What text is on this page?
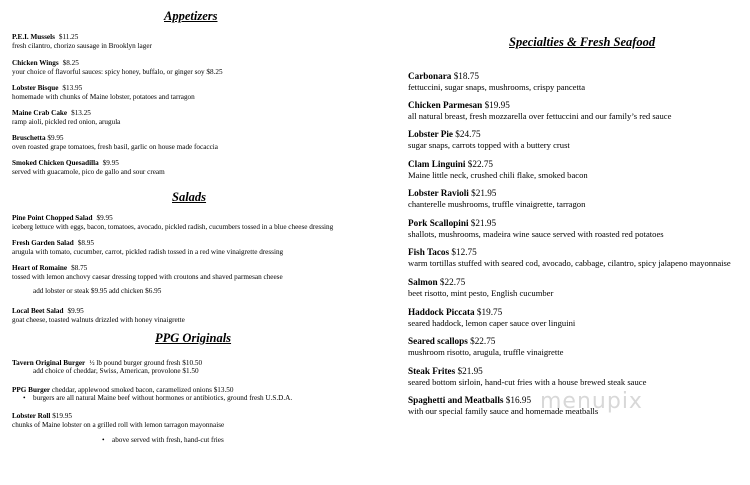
Appetizers
P.E.I. Mussels $11.25
fresh cilantro, chorizo sausage in Brooklyn lager
Chicken Wings $8.25
your choice of flavorful sauces: spicy honey, buffalo, or ginger soy $8.25
Lobster Bisque $13.95
homemade with chunks of Maine lobster, potatoes and tarragon
Maine Crab Cake $13.25
ramp aioli, pickled red onion, arugula
Bruschetta $9.95
oven roasted grape tomatoes, fresh basil, garlic on house made focaccia
Smoked Chicken Quesadilla $9.95
served with guacamole, pico de gallo and sour cream
Salads
Pine Point Chopped Salad $9.95
iceberg lettuce with eggs, bacon, tomatoes, avocado, pickled radish, cucumbers tossed in a blue cheese dressing
Fresh Garden Salad $8.95
arugula with tomato, cucumber, carrot, pickled radish tossed in a red wine vinaigrette dressing
Heart of Romaine $8.75
tossed with lemon anchovy caesar dressing topped with croutons and shaved parmesan cheese
add lobster or steak $9.95 add chicken $6.95
Local Beet Salad $9.95
goat cheese, toasted walnuts drizzled with honey vinaigrette
PPG Originals
Tavern Original Burger ½ lb pound burger ground fresh $10.50
add choice of cheddar, Swiss, American, provolone $1.50
PPG Burger cheddar, applewood smoked bacon, caramelized onions $13.50
• burgers are all natural Maine beef without hormones or antibiotics, ground fresh U.S.D.A.
Lobster Roll $19.95
chunks of Maine lobster on a grilled roll with lemon tarragon mayonnaise
• above served with fresh, hand-cut fries
Specialties & Fresh Seafood
Carbonara $18.75
fettuccini, sugar snaps, mushrooms, crispy pancetta
Chicken Parmesan $19.95
all natural breast, fresh mozzarella over fettuccini and our family’s red sauce
Lobster Pie $24.75
sugar snaps, carrots topped with a buttery crust
Clam Linguini $22.75
Maine little neck, crushed chili flake, smoked bacon
Lobster Ravioli $21.95
chanterelle mushrooms, truffle vinaigrette, tarragon
Pork Scallopini $21.95
shallots, mushrooms, madeira wine sauce served with roasted red potatoes
Fish Tacos $12.75
warm tortillas stuffed with seared cod, avocado, cabbage, cilantro, spicy jalapeno mayonnaise
Salmon $22.75
beet risotto, mint pesto, English cucumber
Haddock Piccata $19.75
seared haddock, lemon caper sauce over linguini
Seared scallops $22.75
mushroom risotto, arugula, truffle vinaigrette
Steak Frites $21.95
seared bottom sirloin, hand-cut fries with a house brewed steak sauce
Spaghetti and Meatballs $16.95
with our special family sauce and homemade meatballs
menupix
